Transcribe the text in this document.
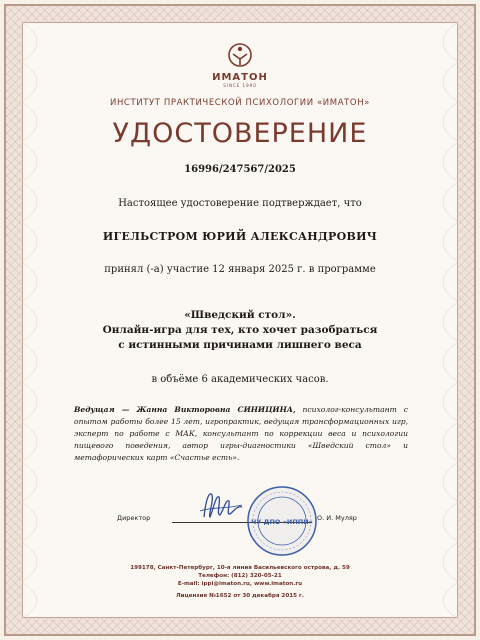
ИМАТОН
SINCE 1990
ИНСТИТУТ ПРАКТИЧЕСКОЙ ПСИХОЛОГИИ «ИМАТОН»
УДОСТОВЕРЕНИЕ
16996/247567/2025
Настоящее удостоверение подтверждает, что
ИГЕЛЬСТРОМ ЮРИЙ АЛЕКСАНДРОВИЧ
принял (-а) участие 12 января 2025 г. в программе
«Шведский стол».
Онлайн-игра для тех, кто хочет разобраться
с истинными причинами лишнего веса
в объёме 6 академических часов.
Ведущая — Жанна Викторовна СИНИЦИНА, психолог-консультант с опытом работы более 15 лет, игропрактик, ведущая трансформационных игр, эксперт по работе с МАК, консультант по коррекции веса и психологии пищевого поведения, автор игры-диагностики «Шведский стол» и метафорических карт «Счастье есть».
Директор	О. И. Муляр
ЧУ ДПО «ИППИ»
199178, Санкт-Петербург, 10-я линия Васильевского острова, д. 59
Телефон: (812) 320-05-21
E-mail: ippi@imaton.ru, www.imaton.ru
Лицензия №1652 от 30 декабря 2015 г.
